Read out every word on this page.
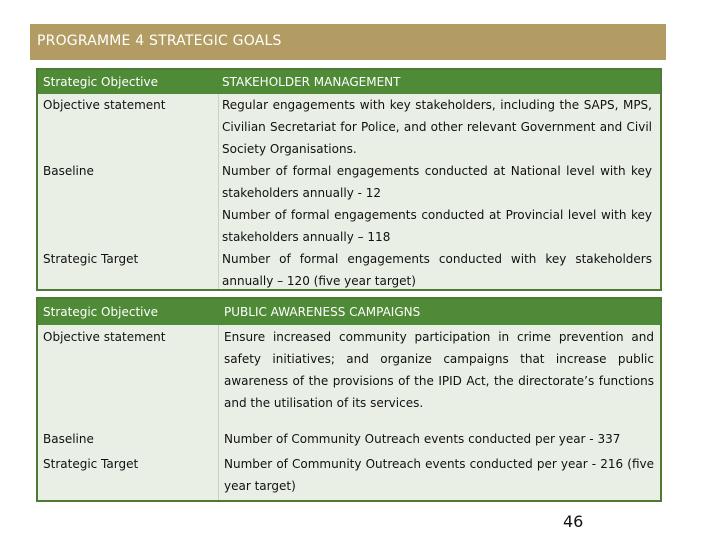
PROGRAMME 4 STRATEGIC GOALS
Strategic Objective	STAKEHOLDER MANAGEMENT
Objective statement	Regular engagements with key stakeholders, including the SAPS, MPS, Civilian Secretariat for Police, and other relevant Government and Civil Society Organisations.
Baseline	Number of formal engagements conducted at National level with key stakeholders annually - 12
Number of formal engagements conducted at Provincial level with key stakeholders annually – 118
Strategic Target	Number of formal engagements conducted with key stakeholders annually – 120 (five year target)
Strategic Objective	PUBLIC AWARENESS CAMPAIGNS
Objective statement	Ensure increased community participation in crime prevention and safety initiatives; and organize campaigns that increase public awareness of the provisions of the IPID Act, the directorate’s functions and the utilisation of its services.
Baseline	Number of Community Outreach events conducted per year - 337
Strategic Target	Number of Community Outreach events conducted per year - 216 (five year target)
46
